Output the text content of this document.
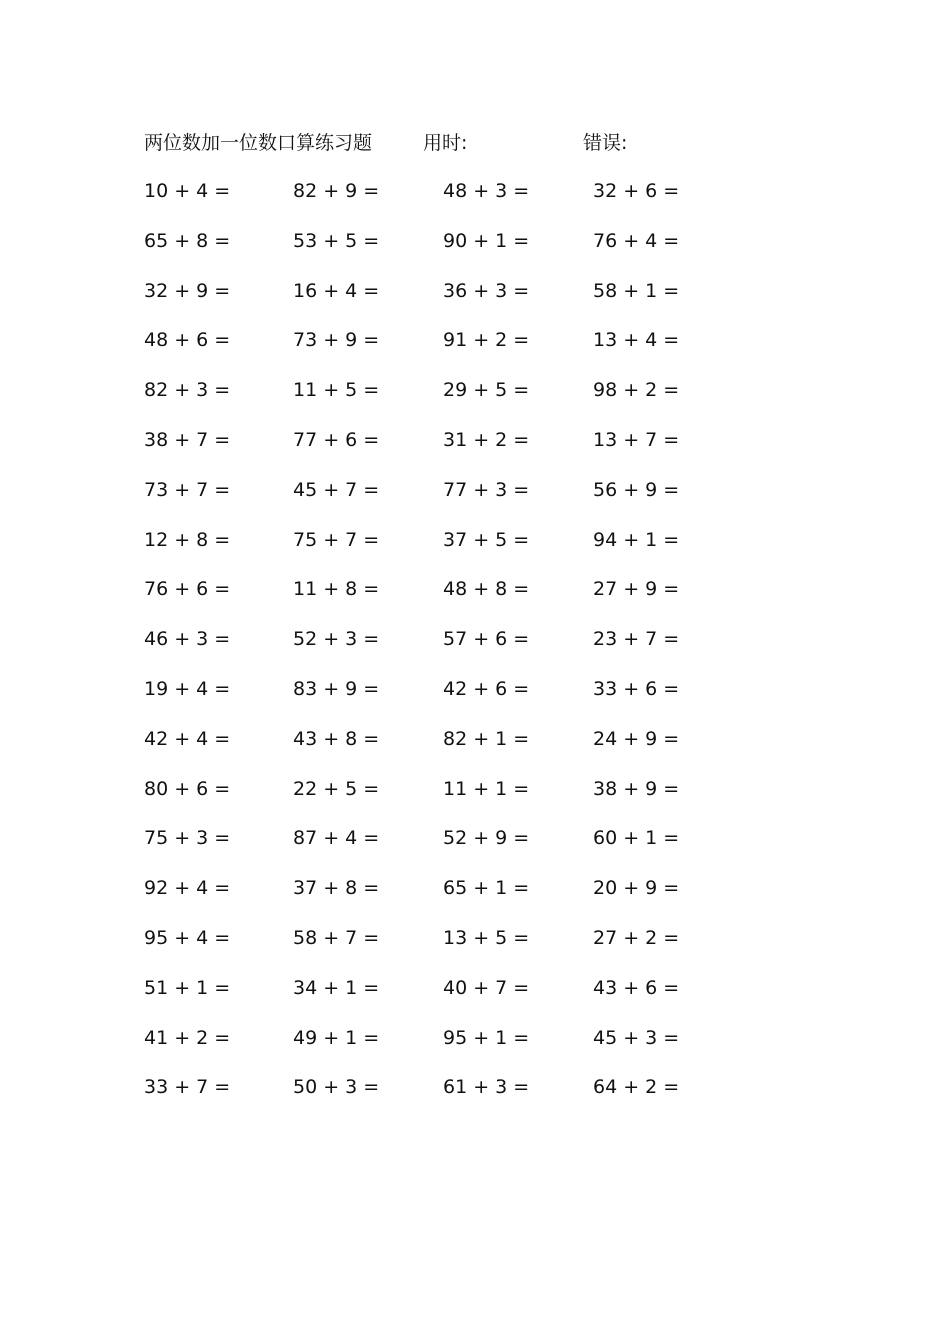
两位数加一位数口算练习题	用时:	错误:
10 + 4 =	82 + 9 =	48 + 3 =	32 + 6 =
65 + 8 =	53 + 5 =	90 + 1 =	76 + 4 =
32 + 9 =	16 + 4 =	36 + 3 =	58 + 1 =
48 + 6 =	73 + 9 =	91 + 2 =	13 + 4 =
82 + 3 =	11 + 5 =	29 + 5 =	98 + 2 =
38 + 7 =	77 + 6 =	31 + 2 =	13 + 7 =
73 + 7 =	45 + 7 =	77 + 3 =	56 + 9 =
12 + 8 =	75 + 7 =	37 + 5 =	94 + 1 =
76 + 6 =	11 + 8 =	48 + 8 =	27 + 9 =
46 + 3 =	52 + 3 =	57 + 6 =	23 + 7 =
19 + 4 =	83 + 9 =	42 + 6 =	33 + 6 =
42 + 4 =	43 + 8 =	82 + 1 =	24 + 9 =
80 + 6 =	22 + 5 =	11 + 1 =	38 + 9 =
75 + 3 =	87 + 4 =	52 + 9 =	60 + 1 =
92 + 4 =	37 + 8 =	65 + 1 =	20 + 9 =
95 + 4 =	58 + 7 =	13 + 5 =	27 + 2 =
51 + 1 =	34 + 1 =	40 + 7 =	43 + 6 =
41 + 2 =	49 + 1 =	95 + 1 =	45 + 3 =
33 + 7 =	50 + 3 =	61 + 3 =	64 + 2 =
